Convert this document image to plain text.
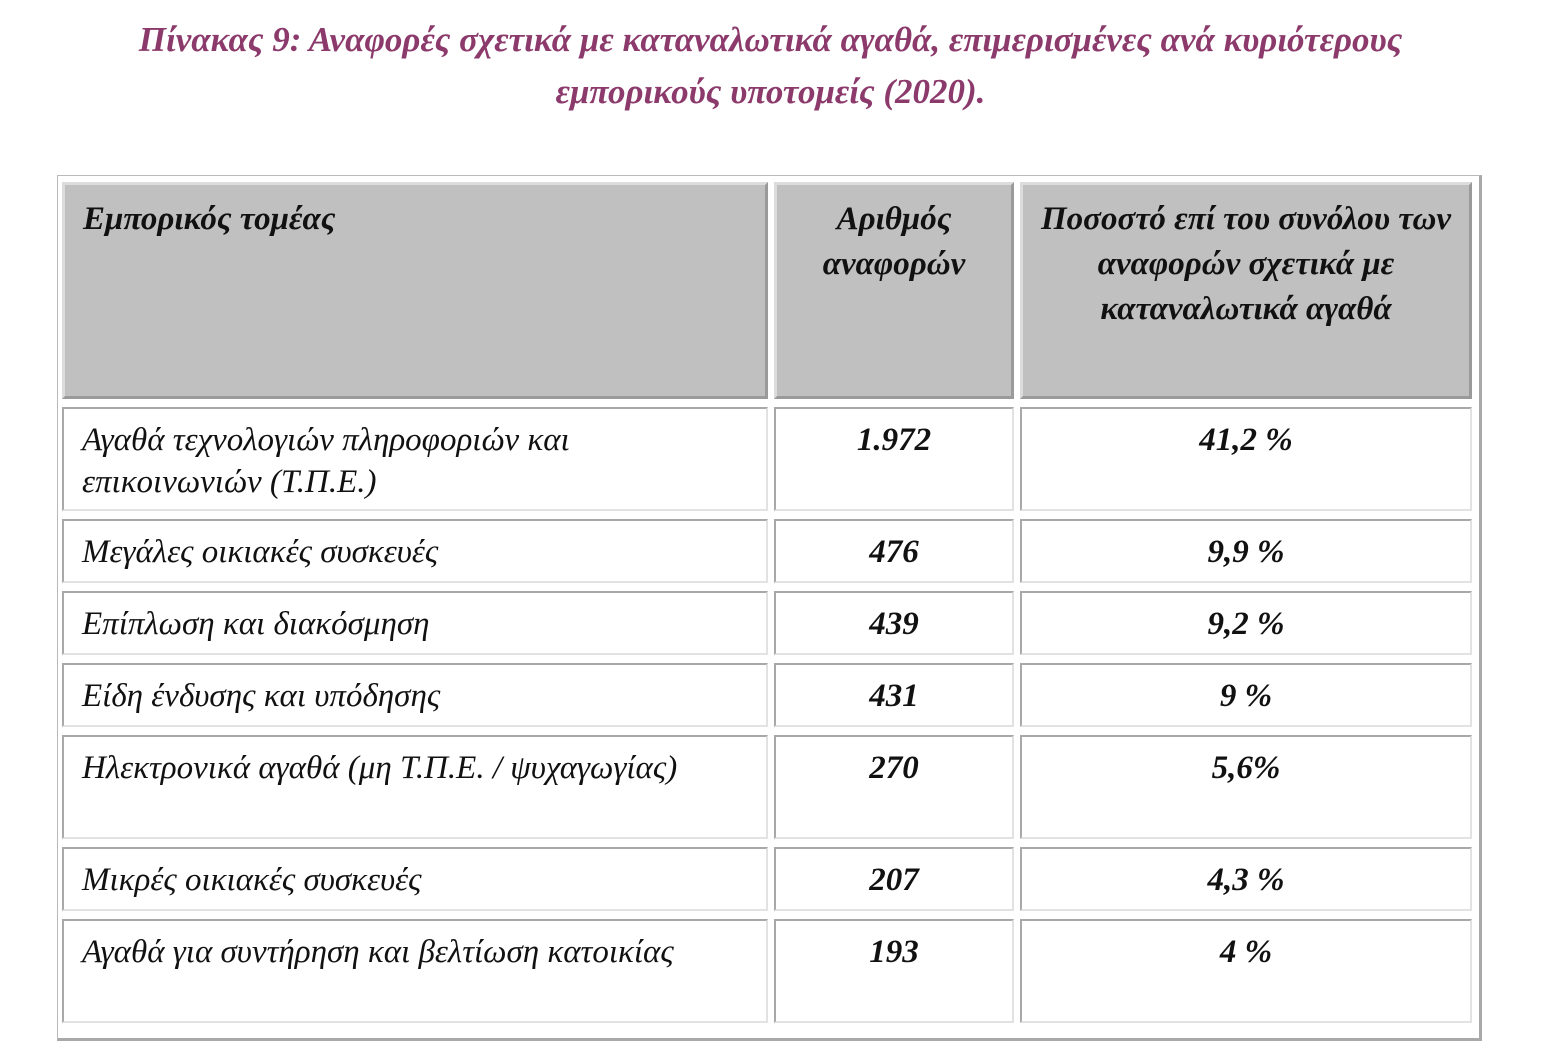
Πίνακας 9: Αναφορές σχετικά με καταναλωτικά αγαθά, επιμερισμένες ανά κυριότερους
εμπορικούς υποτομείς (2020).
Εμπορικός τομέας	Αριθμός αναφορών	Ποσοστό επί του συνόλου των αναφορών σχετικά με καταναλωτικά αγαθά
Αγαθά τεχνολογιών πληροφοριών και επικοινωνιών (Τ.Π.Ε.)	1.972	41,2 %
Μεγάλες οικιακές συσκευές	476	9,9 %
Επίπλωση και διακόσμηση	439	9,2 %
Είδη ένδυσης και υπόδησης	431	9 %
Ηλεκτρονικά αγαθά (μη Τ.Π.Ε. / ψυχαγωγίας)	270	5,6%
Μικρές οικιακές συσκευές	207	4,3 %
Αγαθά για συντήρηση και βελτίωση κατοικίας	193	4 %
